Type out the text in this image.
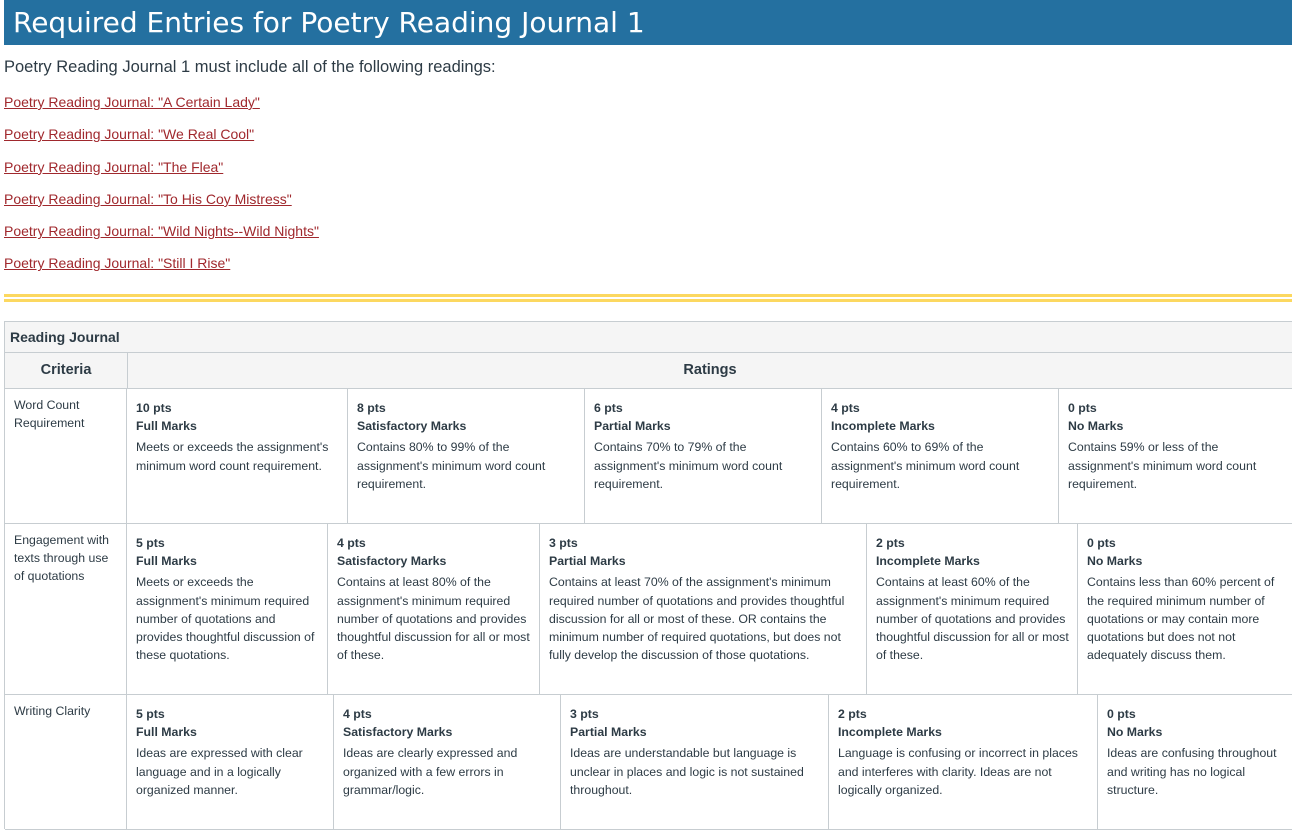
Required Entries for Poetry Reading Journal 1
Poetry Reading Journal 1 must include all of the following readings:
Poetry Reading Journal: "A Certain Lady"
Poetry Reading Journal: "We Real Cool"
Poetry Reading Journal: "The Flea"
Poetry Reading Journal: "To His Coy Mistress"
Poetry Reading Journal: "Wild Nights--Wild Nights"
Poetry Reading Journal: "Still I Rise"
Reading Journal
Criteria	Ratings
Word Count Requirement
10 pts
Full Marks
Meets or exceeds the assignment's minimum word count requirement.
8 pts
Satisfactory Marks
Contains 80% to 99% of the assignment's minimum word count requirement.
6 pts
Partial Marks
Contains 70% to 79% of the assignment's minimum word count requirement.
4 pts
Incomplete Marks
Contains 60% to 69% of the assignment's minimum word count requirement.
0 pts
No Marks
Contains 59% or less of the assignment's minimum word count requirement.
Engagement with texts through use of quotations
5 pts
Full Marks
Meets or exceeds the assignment's minimum required number of quotations and provides thoughtful discussion of these quotations.
4 pts
Satisfactory Marks
Contains at least 80% of the assignment's minimum required number of quotations and provides thoughtful discussion for all or most of these.
3 pts
Partial Marks
Contains at least 70% of the assignment's minimum required number of quotations and provides thoughtful discussion for all or most of these. OR contains the minimum number of required quotations, but does not fully develop the discussion of those quotations.
2 pts
Incomplete Marks
Contains at least 60% of the assignment's minimum required number of quotations and provides thoughtful discussion for all or most of these.
0 pts
No Marks
Contains less than 60% percent of the required minimum number of quotations or may contain more quotations but does not not adequately discuss them.
Writing Clarity	5 pts
Full Marks
Ideas are expressed with clear language and in a logically organized manner.
4 pts
Satisfactory Marks
Ideas are clearly expressed and organized with a few errors in grammar/logic.
3 pts
Partial Marks
Ideas are understandable but language is unclear in places and logic is not sustained throughout.
2 pts
Incomplete Marks
Language is confusing or incorrect in places and interferes with clarity. Ideas are not logically organized.
0 pts
No Marks
Ideas are confusing throughout and writing has no logical structure.
